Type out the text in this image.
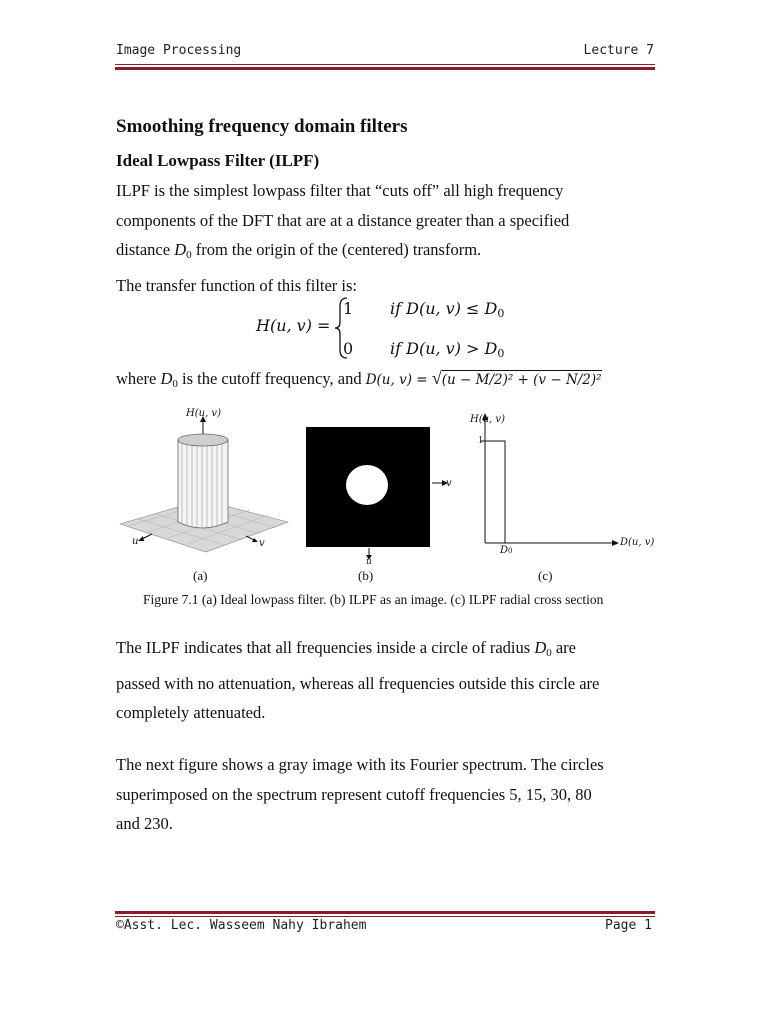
Image Processing	Lecture 7
Smoothing frequency domain filters
Ideal Lowpass Filter (ILPF)
ILPF is the simplest lowpass filter that “cuts off” all high frequency
components of the DFT that are at a distance greater than a specified
distance $D_0$ from the origin of the (centered) transform.
The transfer function of this filter is:
H(u, v) =
1 if D(u, $v) \le D_0$
0 if D(u, $v) > D_0$
where $D_0$ is the cutoff frequency, and D(u, v) = √(u − M/2)² + (v − N/2)²
H(u, v)
u	v
v
u
H(u, v)
1
D0
D(u, v)
(a)	(b)	(c)
Figure 7.1 (a) Ideal lowpass filter. (b) ILPF as an image. (c) ILPF radial cross section
The ILPF indicates that all frequencies inside a circle of radius $D_0$ are
passed with no attenuation, whereas all frequencies outside this circle are
completely attenuated.
The next figure shows a gray image with its Fourier spectrum. The circles
superimposed on the spectrum represent cutoff frequencies 5, 15, 30, 80
and 230.
©Asst. Lec. Wasseem Nahy Ibrahem	Page 1
